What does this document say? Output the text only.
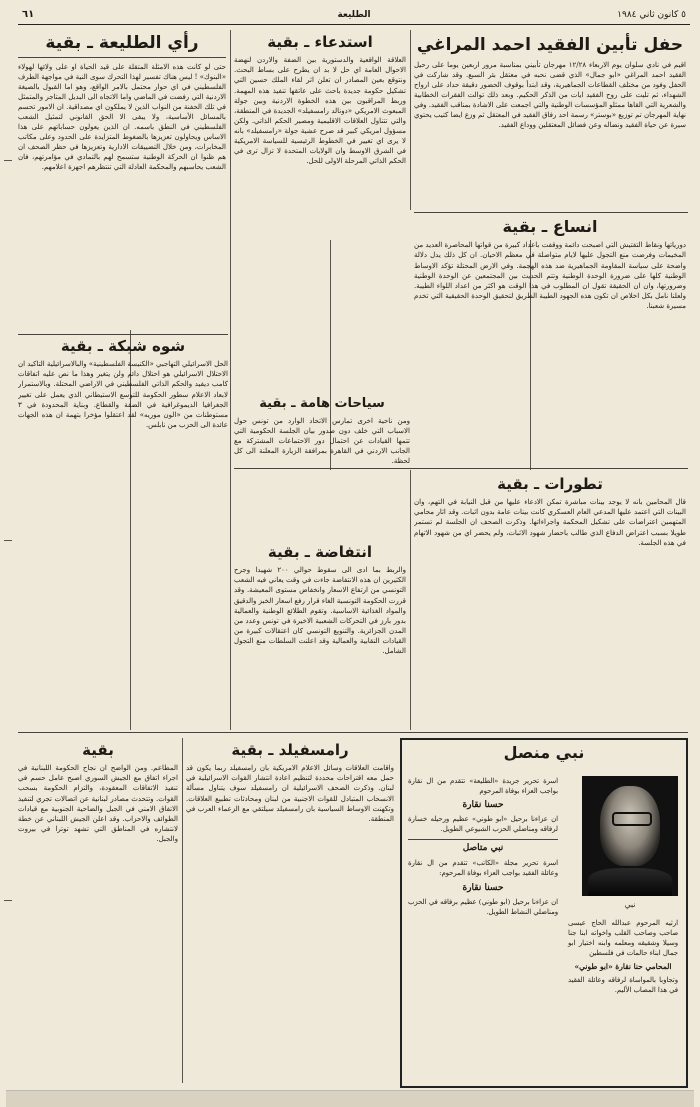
٥ كانون ثاني ١٩٨٤
الطليعة
٦١
حفل تأبين الفقيد احمد المراغي
اقيم في نادي سلوان يوم الاربعاء ١٢/٢٨ مهرجان تأبيني بمناسبة مرور اربعين يوما على رحيل الفقيد احمد المراغي «ابو جمال» الذي قضى نحبه في معتقل بئر السبع. وقد شاركت في الحفل وفود من مختلف القطاعات الجماهيرية، وقد ابتدأ بوقوف الحضور دقيقة حداد على ارواح الشهداء، ثم تليت على روح الفقيد ايات من الذكر الحكيم. وبعد ذلك توالت الفقرات الخطابية والشعرية التي القاها ممثلو المؤسسات الوطنية والتي اجمعت على الاشادة بمناقب الفقيد. وفي نهاية المهرجان تم توزيع «بوستر» رسمة احد رفاق الفقيد في المعتقل ثم وزع ايضا كتيب يحتوي سيرة عن حياة الفقيد ونضاله وعن فضائل المعتقلين ووداع الفقيد.
استدعاء ـ بقية
العلاقة الواقعية والدستورية بين الضفة والاردن لنهضة الاحوال العامة اي حل لا بد ان يطرح على بساط البحث. ونتوقع بعين المصادر ان تعلن اثر لقاء الملك حسين التي تشكيل حكومة جديدة باحث على عاتقها تنفيذ هذه المهمة. وربط المراقبون بين هذه الخطوة الاردنية وبين جولة المبعوث الامريكي «دونالد رامسفيلد» الجديدة في المنطقة، والتي تتناول العلاقات الاقليمية ومصير الحكم الذاتي. ولكن مسؤول امريكي كبير قد صرح عشية جولة «رامسفيلد» بانه لا يرى اي تغيير في الخطوط الرئيسية للسياسة الامريكية في الشرق الاوسط وان الولايات المتحدة لا تزال ترى في الحكم الذاتي المرحلة الاولى للحل.
رأي الطليعة ـ بقية
حتى لو كانت هذه الامثلة المتقلة على قيد الحياة او على ولائها لهولاء «البنوك» ! ليس هناك تفسير لهذا التحرك سوى النية في مواجهة الطرف الفلسطيني في اي حوار محتمل بالامر الواقع، وهو اما القبول بالصيغة الاردنية التي رفضت في الماضي واما الاتجاه الى البديل المتاجر والمتمثل في تلك الحفنة من النواب الذين لا يملكون اي مصداقية. ان الامور تحسم بالمسائل الأساسية، ولا يبقى الا الحق القانوني لتمثيل الشعب الفلسطيني في النطق باسمه. ان الذين يعولون حساباتهم على هذا الاساس ويحاولون تعزيزها بالضغوط المتزايدة على الحدود وعلى مكاتب المخابرات، ومن خلال التضييقات الادارية وتعزيزها في حظر الصحف ان هم ظنوا ان الحركة الوطنية ستسمح لهم بالتمادي في مؤامرتهم، فان الشعب يحاسبهم والمحكمة العادلة التي تنتظرهم اجهزة اعلامهم.
انساع ـ بقية
دورياتها ونقاط التفتيش التي اصبحت دائمة ووقفت باعداد كبيرة من قواتها المحاصرة العديد من المخيمات وفرضت منع التجول عليها لايام متواصلة في معظم الاحيان. ان كل ذلك يدل دلالة واضحة على سياسة المقاومة الجماهيرية ضد هذه الهجمة. وفي الارض المحتلة تؤكد الاوساط الوطنية كلها على ضرورة الوحدة الوطنية وتتم الحديث بين المجتمعين عن الوحدة الوطنية وضرورتها، وان ان الحقيقة تقول ان المطلوب في هذا الوقت هو اكثر من اعداد اللواء الطيبة. ولعلنا نامل بكل اخلاص ان تكون هذه الجهود الطيبة الطريق لتحقيق الوحدة الحقيقية التي تخدم مسيرة شعبنا.
سياحات هامة ـ بقية
ومن ناحية اخرى تمارس الاتحاد الوارد من تونس حول الاسباب التي خلف دون صدور بيان الجلسة الحكومية التي تتمها القيادات عن احتمال دور الاحتماعات المشتركة مع الجانب الاردني في القاهرة بمرافقة الزيارة المعلنة الى كل لحظة.
شوه شبكة ـ بقية
الحل الاسرائيلي التهاجبي «الكنيسة الفلسطينية» والبالاسرائيلية التاكيد ان الاحتلال الاسرائيلي هو احتلال دائم ولن يتغير وهذا ما نص عليه اتفاقات كامب ديفيد والحكم الذاتي الفلسطيني في الاراضي المحتلة. وبالاستمرار لابعاد الاعلام سطور الحكومة للتوسع الاستيطاني الذي يعمل على تغيير الجغرافيا الديموغرافية في الضفة والقطاع. وبناية المحدودة في ٣ مستوطنات من «الون موريه» لقد اعتقلوا مؤخرا بتهمة ان هذه الجهات عائدة الى الحزب من نابلس.
تطورات ـ بقية
قال المحامين بانه لا يوجد بينات مباشرة تمكن الادعاء عليها من قبل النيابة في التهم، وان البينات التي اعتمد عليها المدعي العام العسكري كانت بينات عامة بدون اثبات. وقد اثار محامي المتهمين اعتراضات على تشكيل المحكمة واجراءاتها. وذكرت الصحف ان الجلسة لم تستمر طويلا بسبب اعتراض الدفاع الذي طالب باحضار شهود الاثبات، ولم يحضر اي من شهود الاتهام في هذه الجلسة.
انتفاضة ـ بقية
والربط بما ادى الى سقوط حوالي ٢٠٠ شهيدا وجرح الكثيرين ان هذه الانتفاضة جاءت في وقت يعاني فيه الشعب التونسي من ارتفاع الاسعار وانخفاض مستوى المعيشة. وقد قررت الحكومة التونسية الغاء قرار رفع اسعار الخبز والدقيق والمواد الغذائية الاساسية. وتقوم الطلائع الوطنية والعمالية بدور بارز في التحركات الشعبية الاخيرة في تونس وعدد من المدن الجزائرية. والتنويع التونسي كان اعتقالات كبيرة من القيادات النقابية والعمالية وقد اعلنت السلطات منع التجول الشامل.
نبي منصل
نبي
ارثيه المرحوم عبدالله الحاج عيسى صاحب وصاحب القلب واخواته ابنا جنا وسيلا وشقيقه ومعلمه وابنه اختيار ابو جمال ابناء حالمات في فلسطين
المحامي حنا نقارة «ابو طوني»
وتجاوبا بالمواساة لرفاقه وعائلة الفقيد في هذا المصاب الأليم.
اسرة تحرير جريدة «الطليعة» تتقدم من ال نقارة بواجب العزاء بوفاة المرحوم
حسنا نقارة
ان عزاءنا برحيل «ابو طوني» عظيم ورحيله خسارة لرفاقه ومناضلي الحزب الشيوعي الطويل.
نبي متاصل
اسرة تحرير مجلة «الكاتب» تتقدم من ال نقارة وعائلة الفقيد بواجب العزاء بوفاة المرحوم:
حسنا نقارة
ان عزاءنا برحيل (ابو طوني) عظيم برفاقه في الحزب ومناضلي النشاط الطويل.
رامسفيلد ـ بقية
واقامت العلاقات وسائل الاعلام الامريكية بان رامسفيلد ربما يكون قد حمل معه اقتراحات محددة لتنظيم اعادة انتشار القوات الاسرائيلية في لبنان. وذكرت الصحف الاسرائيلية ان رامسفيلد سوف يتناول مسألة الانسحاب المتبادل للقوات الاجنبية من لبنان ومحادثات تطبيع العلاقات. وتكهنت الاوساط السياسية بان رامسفيلد سيلتقي مع الزعماء العرب في المنطقة.
بقية
المطاعم. ومن الواضح ان نجاح الحكومة اللبنانية في اجراء اتفاق مع الجيش السوري اصبح عامل حسم في تنفيذ الاتفاقات المعقودة، والتزام الحكومة بسحب القوات. وتتحدث مصادر لبنانية عن اتصالات تجري لتنفيذ الاتفاق الامني في الجبل والضاحية الجنوبية مع قيادات الطوائف والاحزاب. وقد اعلن الجيش اللبناني عن خطة لانتشاره في المناطق التي تشهد توترا في بيروت والجبل.
